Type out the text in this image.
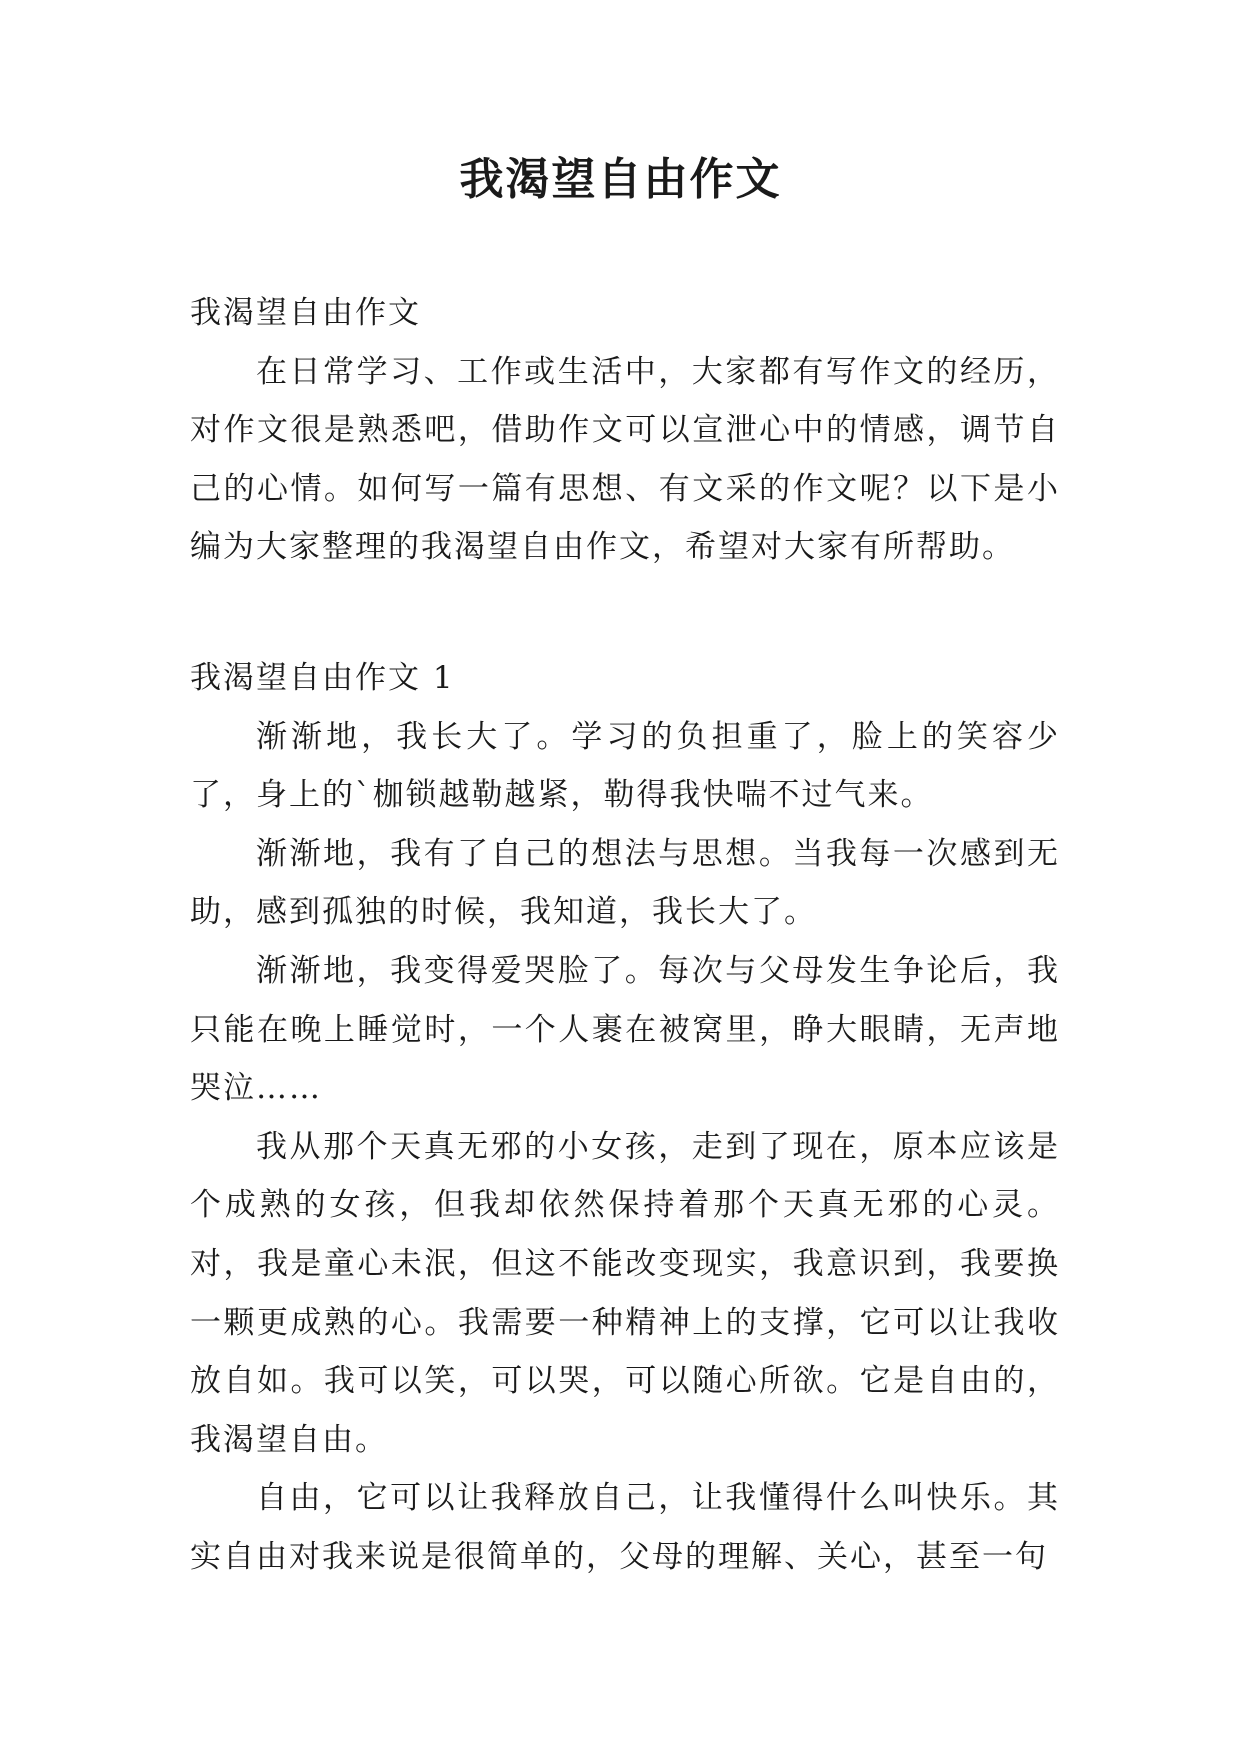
我渴望自由作文

我渴望自由作文

在日常学习、工作或生活中，大家都有写作文的经历，对作文很是熟悉吧，借助作文可以宣泄心中的情感，调节自己的心情。如何写一篇有思想、有文采的作文呢？以下是小编为大家整理的我渴望自由作文，希望对大家有所帮助。

我渴望自由作文 1

渐渐地，我长大了。学习的负担重了，脸上的笑容少了，身上的`枷锁越勒越紧，勒得我快喘不过气来。

渐渐地，我有了自己的想法与思想。当我每一次感到无助，感到孤独的时候，我知道，我长大了。

渐渐地，我变得爱哭脸了。每次与父母发生争论后，我只能在晚上睡觉时，一个人裹在被窝里，睁大眼睛，无声地哭泣……

我从那个天真无邪的小女孩，走到了现在，原本应该是个成熟的女孩，但我却依然保持着那个天真无邪的心灵。对，我是童心未泯，但这不能改变现实，我意识到，我要换一颗更成熟的心。我需要一种精神上的支撑，它可以让我收放自如。我可以笑，可以哭，可以随心所欲。它是自由的，我渴望自由。

自由，它可以让我释放自己，让我懂得什么叫快乐。其实自由对我来说是很简单的，父母的理解、关心，甚至一句
